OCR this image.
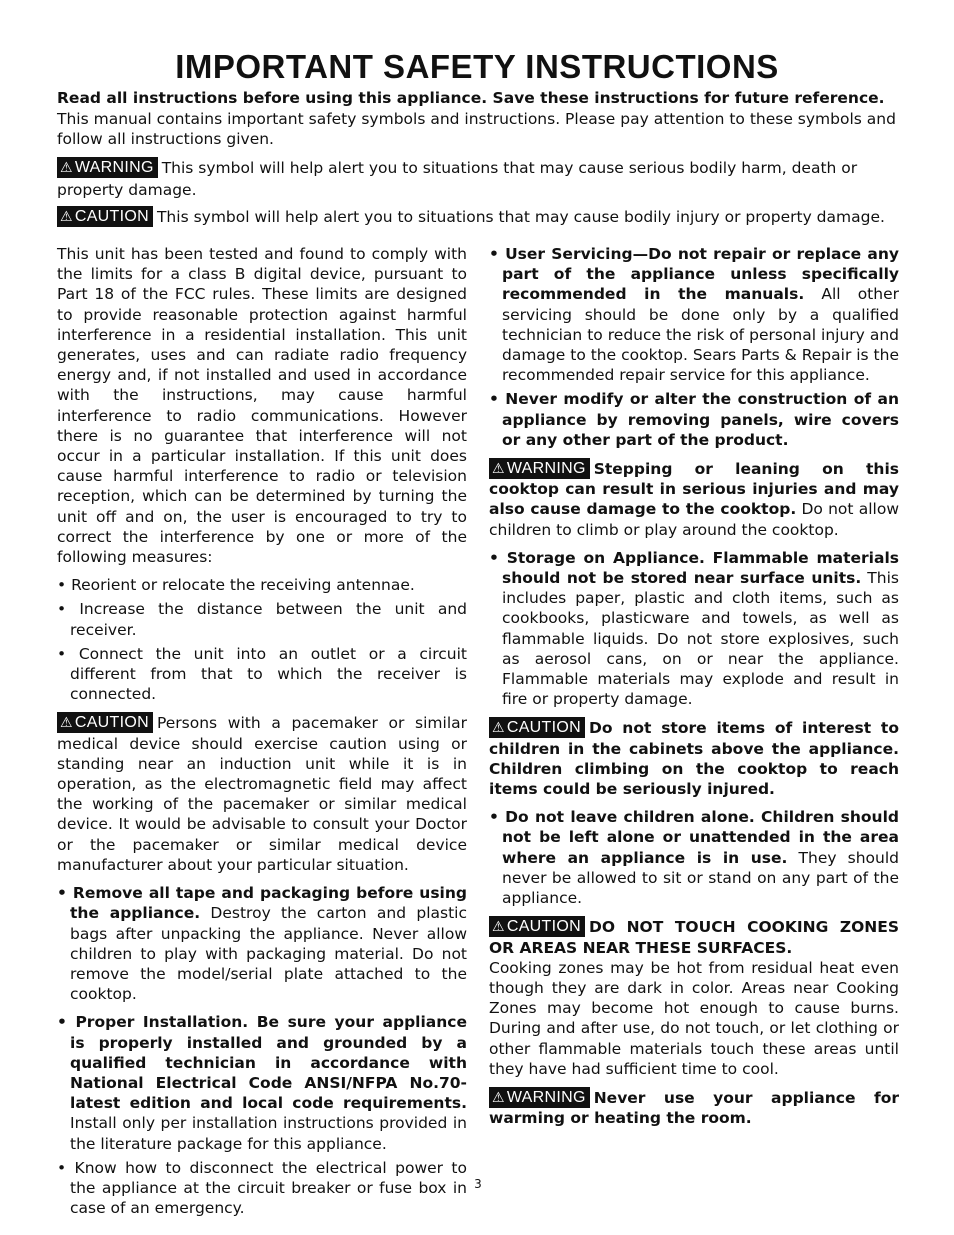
IMPORTANT SAFETY INSTRUCTIONS
Read all instructions before using this appliance. Save these instructions for future reference.
This manual contains important safety symbols and instructions. Please pay attention to these symbols and follow all instructions given.
⚠ WARNING This symbol will help alert you to situations that may cause serious bodily harm, death or property damage.
⚠ CAUTION This symbol will help alert you to situations that may cause bodily injury or property damage.

This unit has been tested and found to comply with the limits for a class B digital device, pursuant to Part 18 of the FCC rules. These limits are designed to provide reasonable protection against harmful interference in a residential installation. This unit generates, uses and can radiate radio frequency energy and, if not installed and used in accordance with the instructions, may cause harmful interference to radio communications. However there is no guarantee that interference will not occur in a particular installation. If this unit does cause harmful interference to radio or television reception, which can be determined by turning the unit off and on, the user is encouraged to try to correct the interference by one or more of the following measures:

• Reorient or relocate the receiving antennae.
• Increase the distance between the unit and receiver.
• Connect the unit into an outlet or a circuit different from that to which the receiver is connected.

⚠ CAUTION Persons with a pacemaker or similar medical device should exercise caution using or standing near an induction unit while it is in operation, as the electromagnetic field may affect the working of the pacemaker or similar medical device. It would be advisable to consult your Doctor or the pacemaker or similar medical device manufacturer about your particular situation.

• Remove all tape and packaging before using the appliance. Destroy the carton and plastic bags after unpacking the appliance. Never allow children to play with packaging material. Do not remove the model/serial plate attached to the cooktop.
• Proper Installation. Be sure your appliance is properly installed and grounded by a qualified technician in accordance with National Electrical Code ANSI/NFPA No.70-latest edition and local code requirements. Install only per installation instructions provided in the literature package for this appliance.
• Know how to disconnect the electrical power to the appliance at the circuit breaker or fuse box in case of an emergency.
• User Servicing—Do not repair or replace any part of the appliance unless specifically recommended in the manuals. All other servicing should be done only by a qualified technician to reduce the risk of personal injury and damage to the cooktop. Sears Parts & Repair is the recommended repair service for this appliance.
• Never modify or alter the construction of an appliance by removing panels, wire covers or any other part of the product.

⚠ WARNING Stepping or leaning on this cooktop can result in serious injuries and may also cause damage to the cooktop. Do not allow children to climb or play around the cooktop.

• Storage on Appliance. Flammable materials should not be stored near surface units. This includes paper, plastic and cloth items, such as cookbooks, plasticware and towels, as well as flammable liquids. Do not store explosives, such as aerosol cans, on or near the appliance. Flammable materials may explode and result in fire or property damage.

⚠ CAUTION Do not store items of interest to children in the cabinets above the appliance. Children climbing on the cooktop to reach items could be seriously injured.

• Do not leave children alone. Children should not be left alone or unattended in the area where an appliance is in use. They should never be allowed to sit or stand on any part of the appliance.

⚠ CAUTION DO NOT TOUCH COOKING ZONES OR AREAS NEAR THESE SURFACES.
Cooking zones may be hot from residual heat even though they are dark in color. Areas near Cooking Zones may become hot enough to cause burns. During and after use, do not touch, or let clothing or other flammable materials touch these areas until they have had sufficient time to cool.

⚠ WARNING Never use your appliance for warming or heating the room.

3
